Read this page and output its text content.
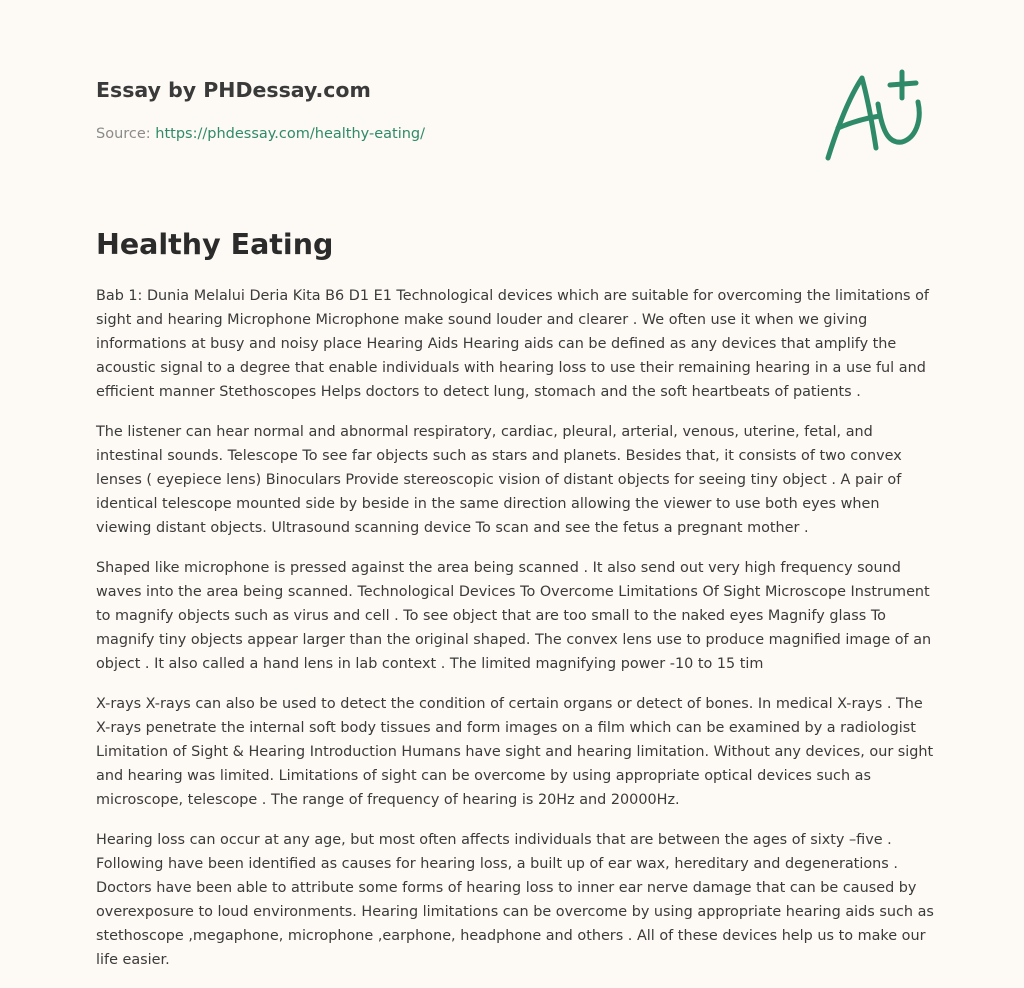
Essay by PHDessay.com
Source: https://phdessay.com/healthy-eating/
Healthy Eating

Bab 1: Dunia Melalui Deria Kita B6 D1 E1 Technological devices which are suitable for overcoming the limitations of sight and hearing Microphone Microphone make sound louder and clearer . We often use it when we giving informations at busy and noisy place Hearing Aids Hearing aids can be defined as any devices that amplify the acoustic signal to a degree that enable individuals with hearing loss to use their remaining hearing in a use ful and efficient manner Stethoscopes Helps doctors to detect lung, stomach and the soft heartbeats of patients .

The listener can hear normal and abnormal respiratory, cardiac, pleural, arterial, venous, uterine, fetal, and intestinal sounds. Telescope To see far objects such as stars and planets. Besides that, it consists of two convex lenses ( eyepiece lens) Binoculars Provide stereoscopic vision of distant objects for seeing tiny object . A pair of identical telescope mounted side by beside in the same direction allowing the viewer to use both eyes when viewing distant objects. Ultrasound scanning device To scan and see the fetus a pregnant mother .

Shaped like microphone is pressed against the area being scanned . It also send out very high frequency sound waves into the area being scanned. Technological Devices To Overcome Limitations Of Sight Microscope Instrument to magnify objects such as virus and cell . To see object that are too small to the naked eyes Magnify glass To magnify tiny objects appear larger than the original shaped. The convex lens use to produce magnified image of an object . It also called a hand lens in lab context . The limited magnifying power -10 to 15 tim

X-rays X-rays can also be used to detect the condition of certain organs or detect of bones. In medical X-rays . The X-rays penetrate the internal soft body tissues and form images on a film which can be examined by a radiologist Limitation of Sight & Hearing Introduction Humans have sight and hearing limitation. Without any devices, our sight and hearing was limited. Limitations of sight can be overcome by using appropriate optical devices such as microscope, telescope . The range of frequency of hearing is 20Hz and 20000Hz.

Hearing loss can occur at any age, but most often affects individuals that are between the ages of sixty –five . Following have been identified as causes for hearing loss, a built up of ear wax, hereditary and degenerations . Doctors have been able to attribute some forms of hearing loss to inner ear nerve damage that can be caused by overexposure to loud environments. Hearing limitations can be overcome by using appropriate hearing aids such as stethoscope ,megaphone, microphone ,earphone, headphone and others . All of these devices help us to make our life easier.
